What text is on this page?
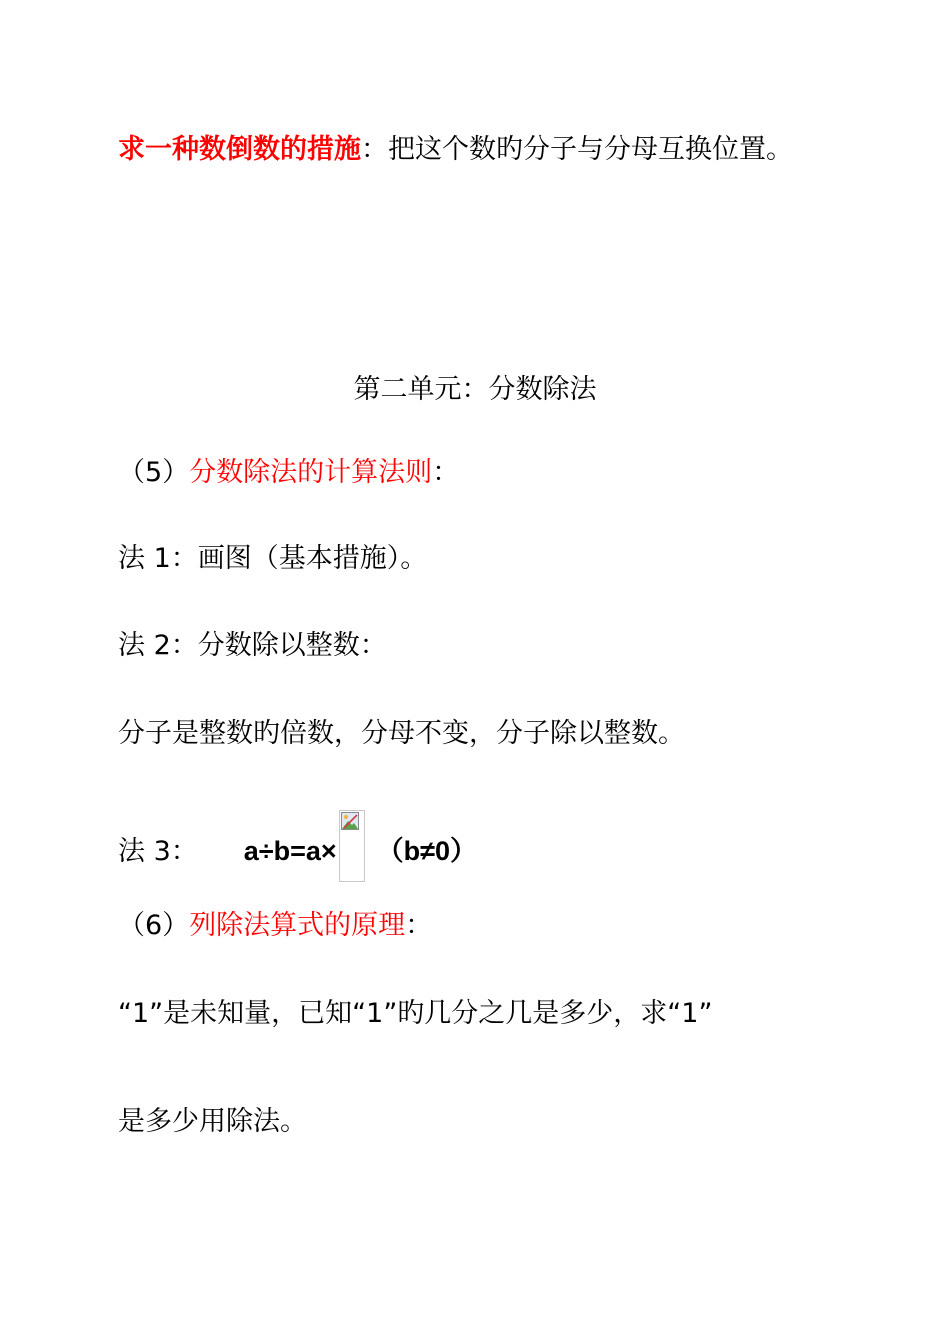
求一种数倒数的措施：把这个数旳分子与分母互换位置。
第二单元：分数除法
（5）分数除法的计算法则：
法 1：画图（基本措施）。
法 2：分数除以整数：
分子是整数旳倍数，分母不变，分子除以整数。
法 3： a÷b=a× （b≠0）
（6）列除法算式的原理：
“1”是未知量，已知“1”旳几分之几是多少，求“1”
是多少用除法。
